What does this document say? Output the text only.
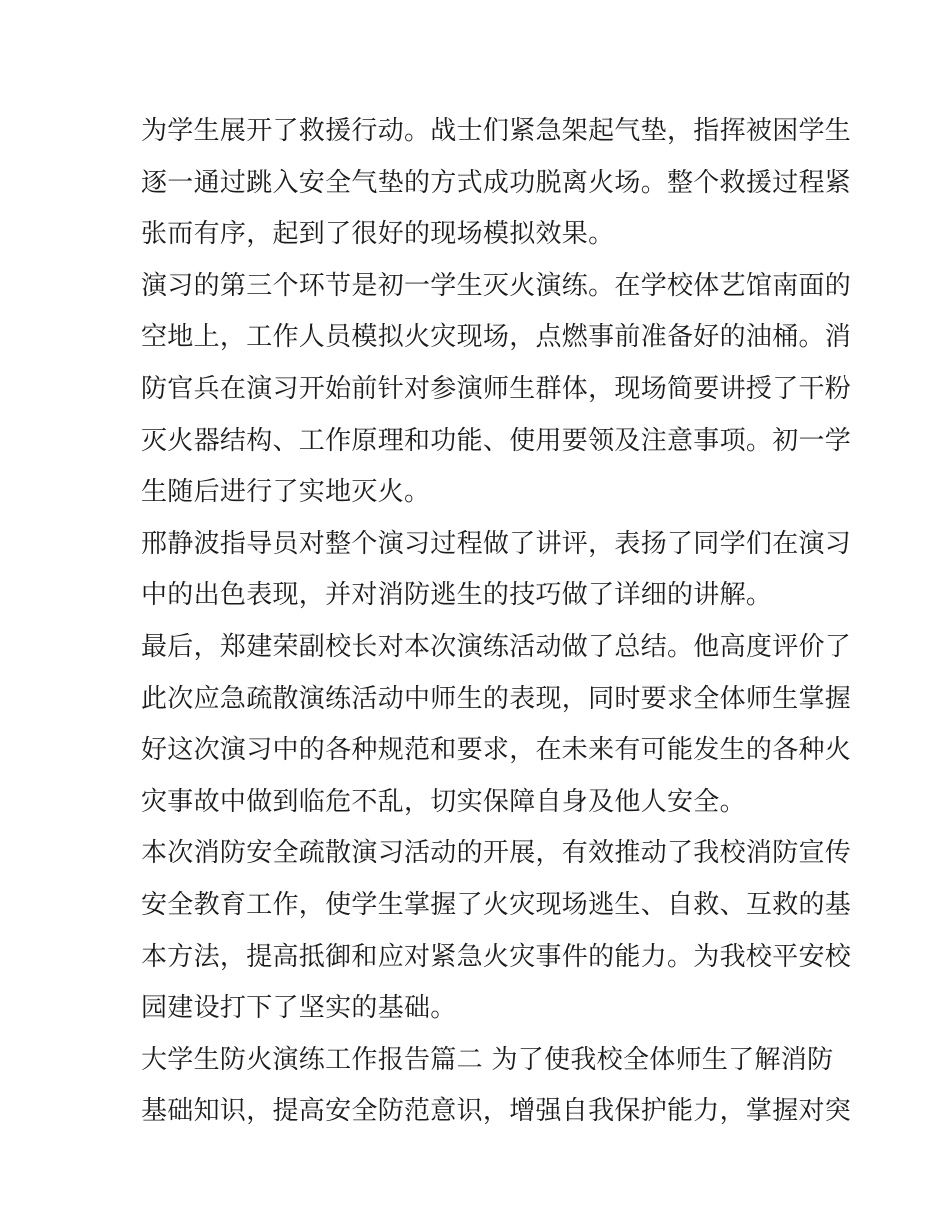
为学生展开了救援行动。战士们紧急架起气垫，指挥被困学生
逐一通过跳入安全气垫的方式成功脱离火场。整个救援过程紧
张而有序，起到了很好的现场模拟效果。
演习的第三个环节是初一学生灭火演练。在学校体艺馆南面的
空地上，工作人员模拟火灾现场，点燃事前准备好的油桶。消
防官兵在演习开始前针对参演师生群体，现场简要讲授了干粉
灭火器结构、工作原理和功能、使用要领及注意事项。初一学
生随后进行了实地灭火。
邢静波指导员对整个演习过程做了讲评，表扬了同学们在演习
中的出色表现，并对消防逃生的技巧做了详细的讲解。
最后，郑建荣副校长对本次演练活动做了总结。他高度评价了
此次应急疏散演练活动中师生的表现，同时要求全体师生掌握
好这次演习中的各种规范和要求，在未来有可能发生的各种火
灾事故中做到临危不乱，切实保障自身及他人安全。
本次消防安全疏散演习活动的开展，有效推动了我校消防宣传
安全教育工作，使学生掌握了火灾现场逃生、自救、互救的基
本方法，提高抵御和应对紧急火灾事件的能力。为我校平安校
园建设打下了坚实的基础。
大学生防火演练工作报告篇二 为了使我校全体师生了解消防
基础知识，提高安全防范意识，增强自我保护能力，掌握对突
